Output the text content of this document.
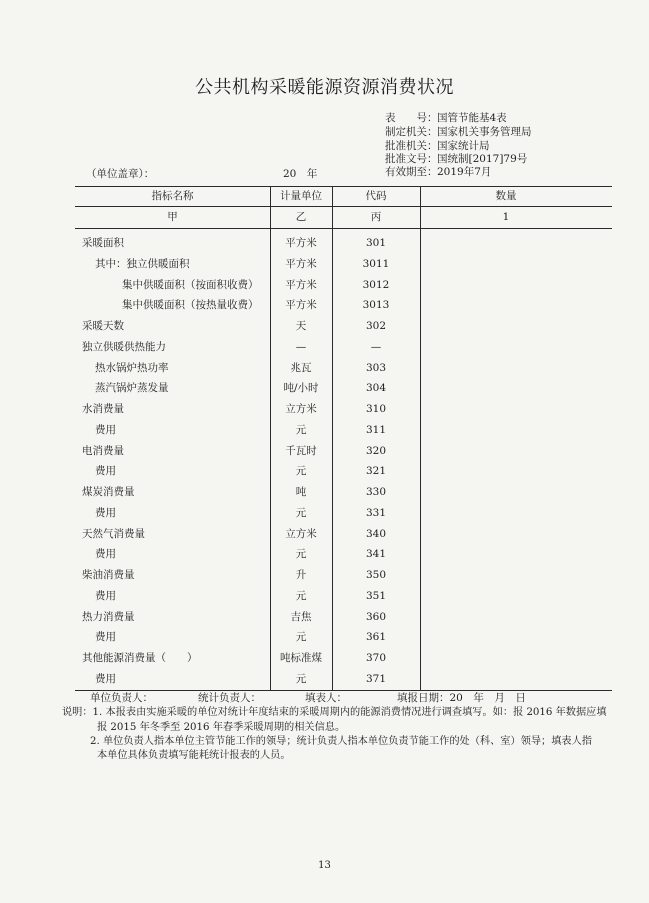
公共机构采暖能源资源消费状况
表　　号：国管节能基4表
制定机关：国家机关事务管理局
批准机关：国家统计局
批准文号：国统制[2017]79号
有效期至：2019年7月
（单位盖章）：	20　年
指标名称	计量单位	代码	数量
甲	乙	丙	1
采暖面积	平方米	301
其中：独立供暖面积	平方米	3011
集中供暖面积（按面积收费）	平方米	3012
集中供暖面积（按热量收费）	平方米	3013
采暖天数	天	302
独立供暖供热能力	—	—
热水锅炉热功率	兆瓦	303
蒸汽锅炉蒸发量	吨/小时	304
水消费量	立方米	310
费用	元	311
电消费量	千瓦时	320
费用	元	321
煤炭消费量	吨	330
费用	元	331
天然气消费量	立方米	340
费用	元	341
柴油消费量	升	350
费用	元	351
热力消费量	吉焦	360
费用	元	361
其他能源消费量（　　）	吨标准煤	370
费用	元	371
单位负责人：	统计负责人：	填表人：	填报日期：20　年　月　日
说明：1. 本报表由实施采暖的单位对统计年度结束的采暖周期内的能源消费情况进行调查填写。如：报 2016 年数据应填
报 2015 年冬季至 2016 年春季采暖周期的相关信息。
2. 单位负责人指本单位主管节能工作的领导；统计负责人指本单位负责节能工作的处（科、室）领导；填表人指
本单位具体负责填写能耗统计报表的人员。
13
